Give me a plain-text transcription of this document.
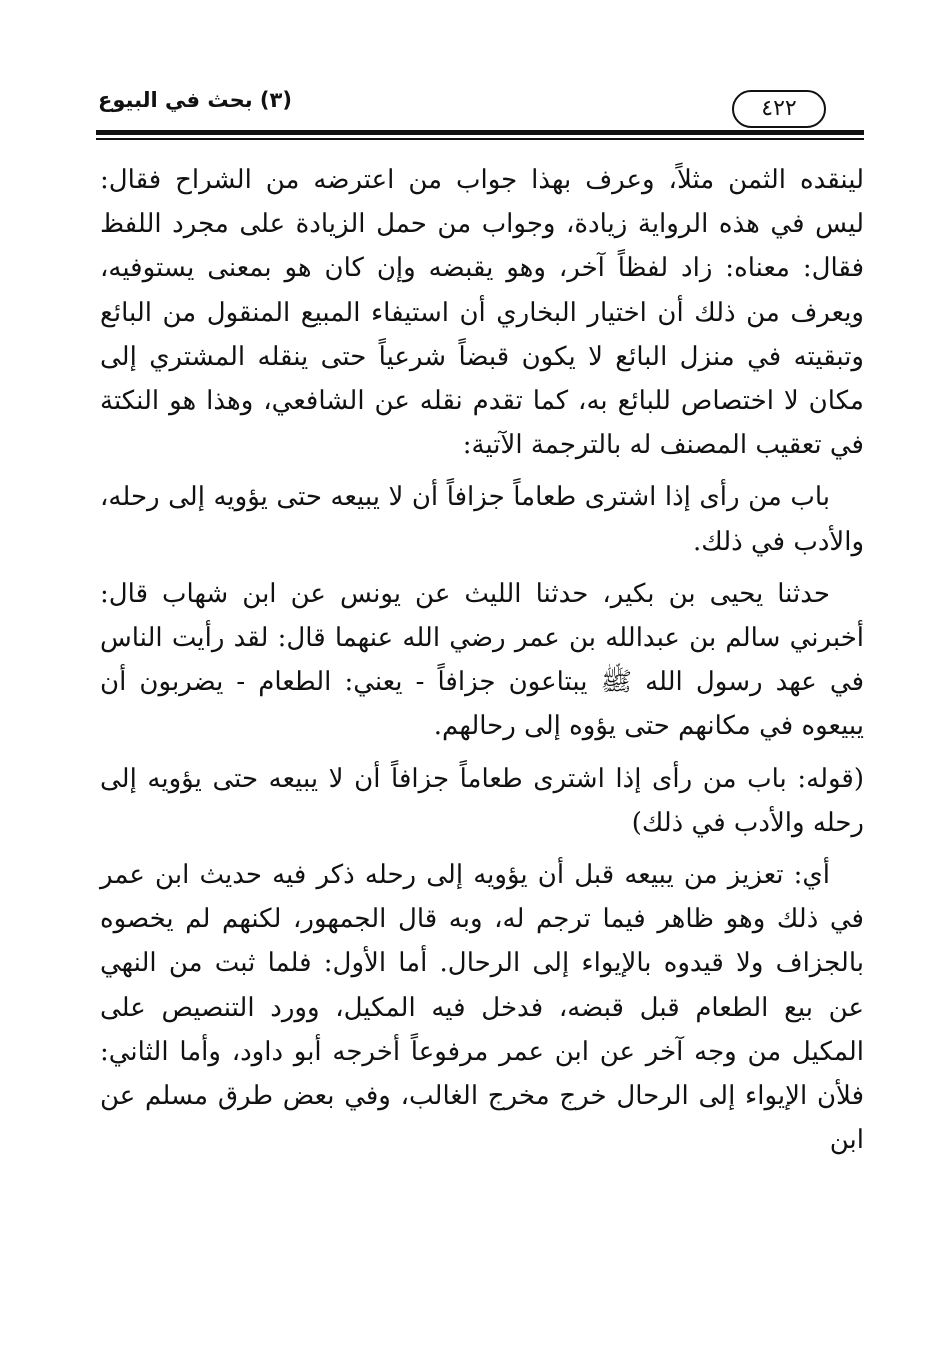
(٣) بحث في البيوع	٤٢٢

لينقده الثمن مثلاً، وعرف بهذا جواب من اعترضه من الشراح فقال: ليس في هذه الرواية زيادة، وجواب من حمل الزيادة على مجرد اللفظ فقال: معناه: زاد لفظاً آخر، وهو يقبضه وإن كان هو بمعنى يستوفيه، ويعرف من ذلك أن اختيار البخاري أن استيفاء المبيع المنقول من البائع وتبقيته في منزل البائع لا يكون قبضاً شرعياً حتى ينقله المشتري إلى مكان لا اختصاص للبائع به، كما تقدم نقله عن الشافعي، وهذا هو النكتة في تعقيب المصنف له بالترجمة الآتية:

باب من رأى إذا اشترى طعاماً جزافاً أن لا يبيعه حتى يؤويه إلى رحله، والأدب في ذلك.

حدثنا يحيى بن بكير، حدثنا الليث عن يونس عن ابن شهاب قال: أخبرني سالم بن عبدالله بن عمر رضي الله عنهما قال: لقد رأيت الناس في عهد رسول الله ﷺ يبتاعون جزافاً - يعني: الطعام - يضربون أن يبيعوه في مكانهم حتى يؤوه إلى رحالهم.

(قوله: باب من رأى إذا اشترى طعاماً جزافاً أن لا يبيعه حتى يؤويه إلى رحله والأدب في ذلك)

أي: تعزيز من يبيعه قبل أن يؤويه إلى رحله ذكر فيه حديث ابن عمر في ذلك وهو ظاهر فيما ترجم له، وبه قال الجمهور، لكنهم لم يخصوه بالجزاف ولا قيدوه بالإيواء إلى الرحال. أما الأول: فلما ثبت من النهي عن بيع الطعام قبل قبضه، فدخل فيه المكيل، وورد التنصيص على المكيل من وجه آخر عن ابن عمر مرفوعاً أخرجه أبو داود، وأما الثاني: فلأن الإيواء إلى الرحال خرج مخرج الغالب، وفي بعض طرق مسلم عن ابن
